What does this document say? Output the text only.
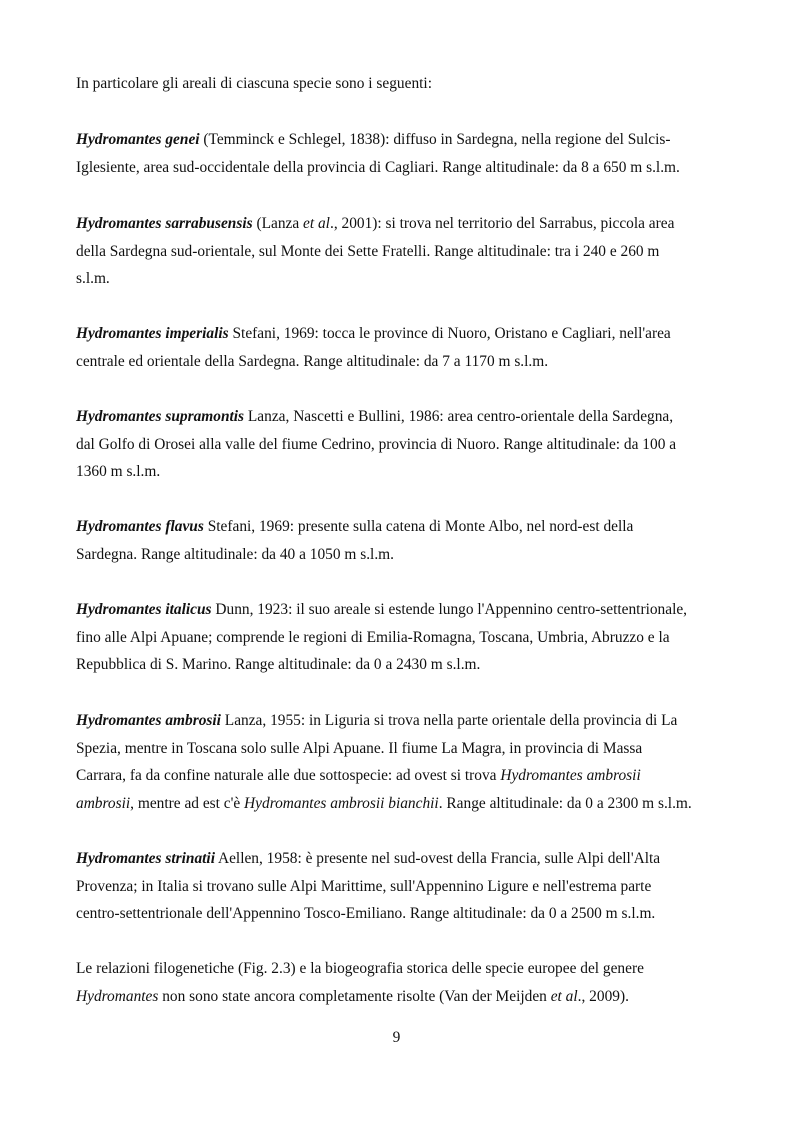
In particolare gli areali di ciascuna specie sono i seguenti:

Hydromantes genei (Temminck e Schlegel, 1838): diffuso in Sardegna, nella regione del Sulcis-
Iglesiente, area sud-occidentale della provincia di Cagliari. Range altitudinale: da 8 a 650 m s.l.m.

Hydromantes sarrabusensis (Lanza et al., 2001): si trova nel territorio del Sarrabus, piccola area
della Sardegna sud-orientale, sul Monte dei Sette Fratelli. Range altitudinale: tra i 240 e 260 m
s.l.m.

Hydromantes imperialis Stefani, 1969: tocca le province di Nuoro, Oristano e Cagliari, nell'area
centrale ed orientale della Sardegna. Range altitudinale: da 7 a 1170 m s.l.m.

Hydromantes supramontis Lanza, Nascetti e Bullini, 1986: area centro-orientale della Sardegna,
dal Golfo di Orosei alla valle del fiume Cedrino, provincia di Nuoro. Range altitudinale: da 100 a
1360 m s.l.m.

Hydromantes flavus Stefani, 1969: presente sulla catena di Monte Albo, nel nord-est della
Sardegna. Range altitudinale: da 40 a 1050 m s.l.m.

Hydromantes italicus Dunn, 1923: il suo areale si estende lungo l'Appennino centro-settentrionale,
fino alle Alpi Apuane; comprende le regioni di Emilia-Romagna, Toscana, Umbria, Abruzzo e la
Repubblica di S. Marino. Range altitudinale: da 0 a 2430 m s.l.m.

Hydromantes ambrosii Lanza, 1955: in Liguria si trova nella parte orientale della provincia di La
Spezia, mentre in Toscana solo sulle Alpi Apuane. Il fiume La Magra, in provincia di Massa
Carrara, fa da confine naturale alle due sottospecie: ad ovest si trova Hydromantes ambrosii
ambrosii, mentre ad est c'è Hydromantes ambrosii bianchii. Range altitudinale: da 0 a 2300 m s.l.m.

Hydromantes strinatii Aellen, 1958: è presente nel sud-ovest della Francia, sulle Alpi dell'Alta
Provenza; in Italia si trovano sulle Alpi Marittime, sull'Appennino Ligure e nell'estrema parte
centro-settentrionale dell'Appennino Tosco-Emiliano. Range altitudinale: da 0 a 2500 m s.l.m.

Le relazioni filogenetiche (Fig. 2.3) e la biogeografia storica delle specie europee del genere
Hydromantes non sono state ancora completamente risolte (Van der Meijden et al., 2009).

9
